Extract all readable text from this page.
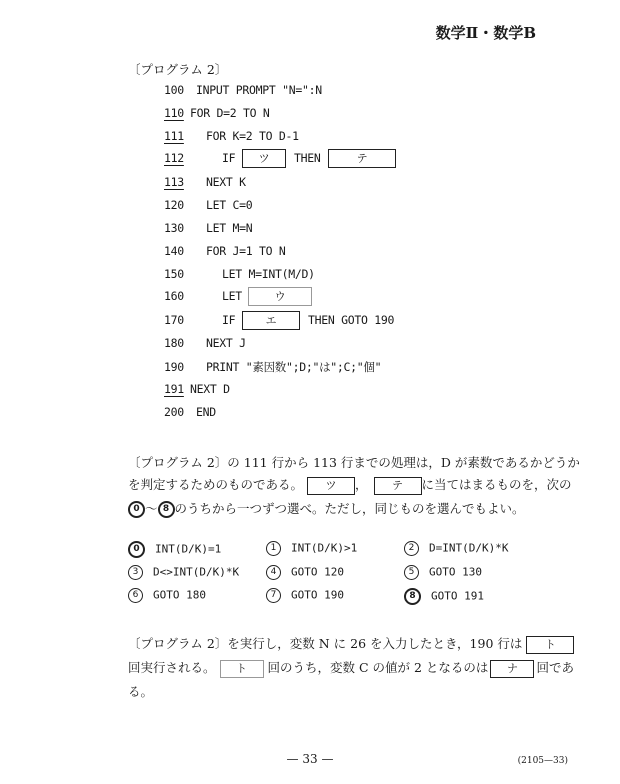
数学Ⅱ・数学B
〔プログラム 2〕
100 INPUT PROMPT "N=":N
110 FOR D=2 TO N
111 FOR K=2 TO D-1
112	IF ツ THEN	テ
113 NEXT K
120 LET C=0
130 LET M=N
140 FOR J=1 TO N
150	LET M=INT(M/D)
160	LET	ウ
170	IF	エ	THEN GOTO 190
180 NEXT J
190 PRINT "素因数";D;"は";C;"個"
191 NEXT D
200 END
〔プログラム 2〕の 111 行から 113 行までの処理は，D が素数であるかどうか
を判定するためのものである。 ツ ， テ に当てはまるものを，次の
0 〜 8 のうちから一つずつ選べ。ただし，同じものを選んでもよい。
0 INT(D/K)=1	1 INT(D/K)>1	2 D=INT(D/K)*K
3 D<>INT(D/K)*K	4 GOTO 120	5 GOTO 130
6 GOTO 180	7 GOTO 190	8 GOTO 191
〔プログラム 2〕を実行し，変数 N に 26 を入力したとき，190 行は ト
回実行される。 ト 回のうち，変数 C の値が 2 となるのは ナ 回であ
る。
— 33 —	(2105—33)
